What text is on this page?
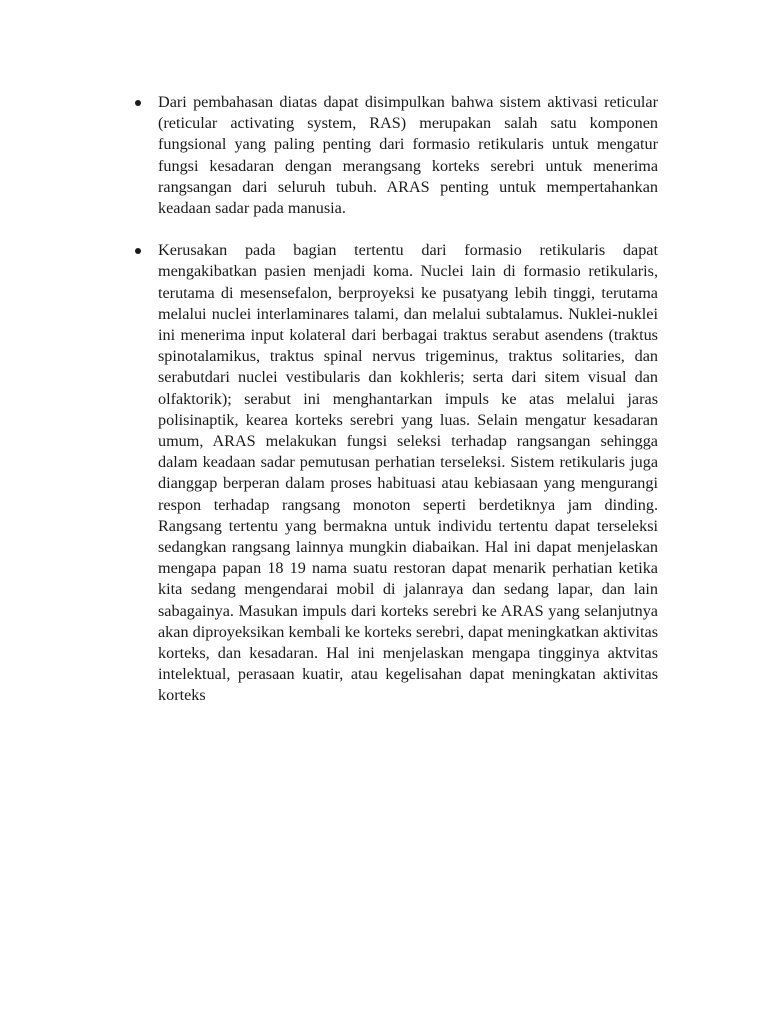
Dari pembahasan diatas dapat disimpulkan bahwa sistem aktivasi reticular (reticular activating system, RAS) merupakan salah satu komponen fungsional yang paling penting dari formasio retikularis untuk mengatur fungsi kesadaran dengan merangsang korteks serebri untuk menerima rangsangan dari seluruh tubuh. ARAS penting untuk mempertahankan keadaan sadar pada manusia.
Kerusakan pada bagian tertentu dari formasio retikularis dapat mengakibatkan pasien menjadi koma. Nuclei lain di formasio retikularis, terutama di mesensefalon, berproyeksi ke pusatyang lebih tinggi, terutama melalui nuclei interlaminares talami, dan melalui subtalamus. Nuklei-nuklei ini menerima input kolateral dari berbagai traktus serabut asendens (traktus spinotalamikus, traktus spinal nervus trigeminus, traktus solitaries, dan serabutdari nuclei vestibularis dan kokhleris; serta dari sitem visual dan olfaktorik); serabut ini menghantarkan impuls ke atas melalui jaras polisinaptik, kearea korteks serebri yang luas. Selain mengatur kesadaran umum, ARAS melakukan fungsi seleksi terhadap rangsangan sehingga dalam keadaan sadar pemutusan perhatian terseleksi. Sistem retikularis juga dianggap berperan dalam proses habituasi atau kebiasaan yang mengurangi respon terhadap rangsang monoton seperti berdetiknya jam dinding. Rangsang tertentu yang bermakna untuk individu tertentu dapat terseleksi sedangkan rangsang lainnya mungkin diabaikan. Hal ini dapat menjelaskan mengapa papan 18 19 nama suatu restoran dapat menarik perhatian ketika kita sedang mengendarai mobil di jalanraya dan sedang lapar, dan lain sabagainya. Masukan impuls dari korteks serebri ke ARAS yang selanjutnya akan diproyeksikan kembali ke korteks serebri, dapat meningkatkan aktivitas korteks, dan kesadaran. Hal ini menjelaskan mengapa tingginya aktvitas intelektual, perasaan kuatir, atau kegelisahan dapat meningkatan aktivitas korteks
